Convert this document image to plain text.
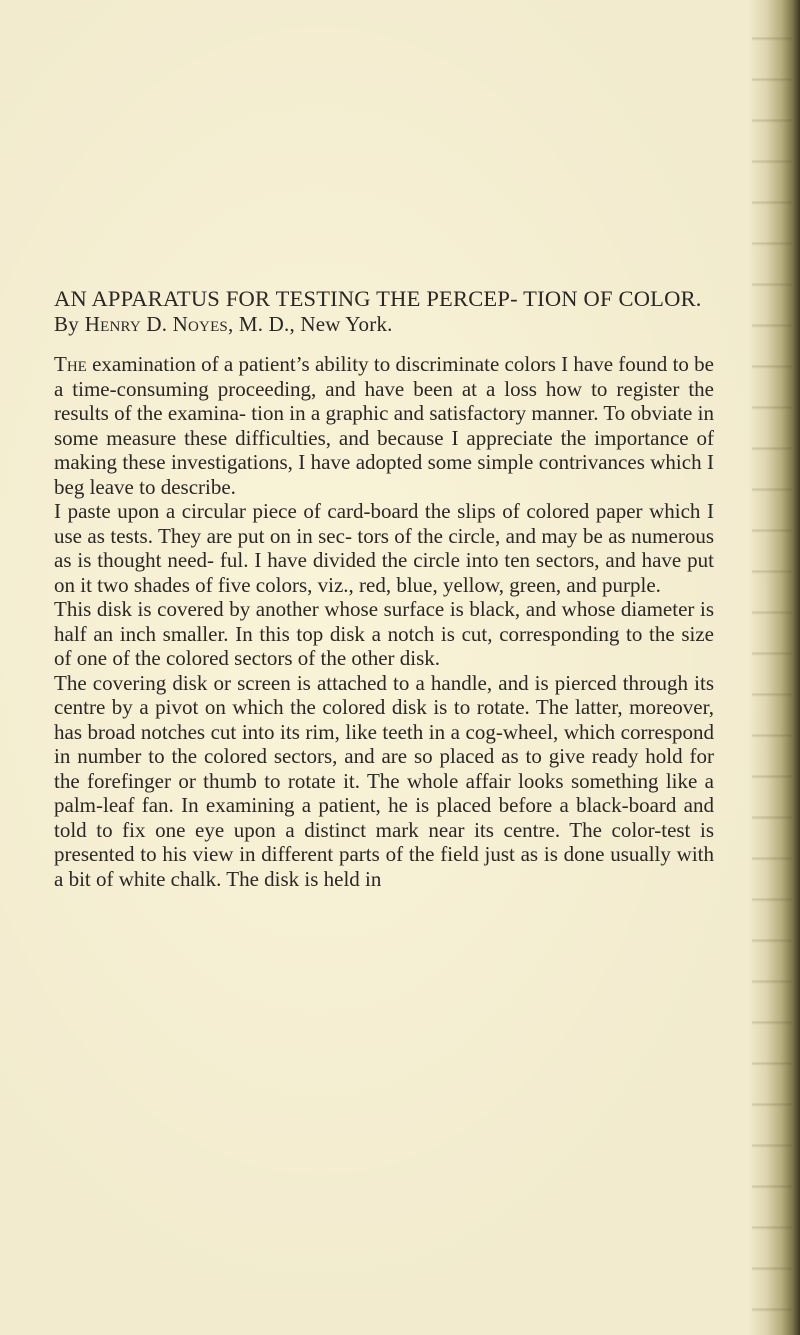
AN APPARATUS FOR TESTING THE PERCEP- TION OF COLOR. By Henry D. Noyes, M. D., New York.

The examination of a patient’s ability to discriminate colors I have found to be a time-consuming proceeding, and have been at a loss how to register the results of the examina- tion in a graphic and satisfactory manner. To obviate in some measure these difficulties, and because I appreciate the importance of making these investigations, I have adopted some simple contrivances which I beg leave to describe.

I paste upon a circular piece of card-board the slips of colored paper which I use as tests. They are put on in sec- tors of the circle, and may be as numerous as is thought need- ful. I have divided the circle into ten sectors, and have put on it two shades of five colors, viz., red, blue, yellow, green, and purple.

This disk is covered by another whose surface is black, and whose diameter is half an inch smaller. In this top disk a notch is cut, corresponding to the size of one of the colored sectors of the other disk.

The covering disk or screen is attached to a handle, and is pierced through its centre by a pivot on which the colored disk is to rotate. The latter, moreover, has broad notches cut into its rim, like teeth in a cog-wheel, which correspond in number to the colored sectors, and are so placed as to give ready hold for the forefinger or thumb to rotate it. The whole affair looks something like a palm-leaf fan. In examining a patient, he is placed before a black-board and told to fix one eye upon a distinct mark near its centre. The color-test is presented to his view in different parts of the field just as is done usually with a bit of white chalk. The disk is held in
